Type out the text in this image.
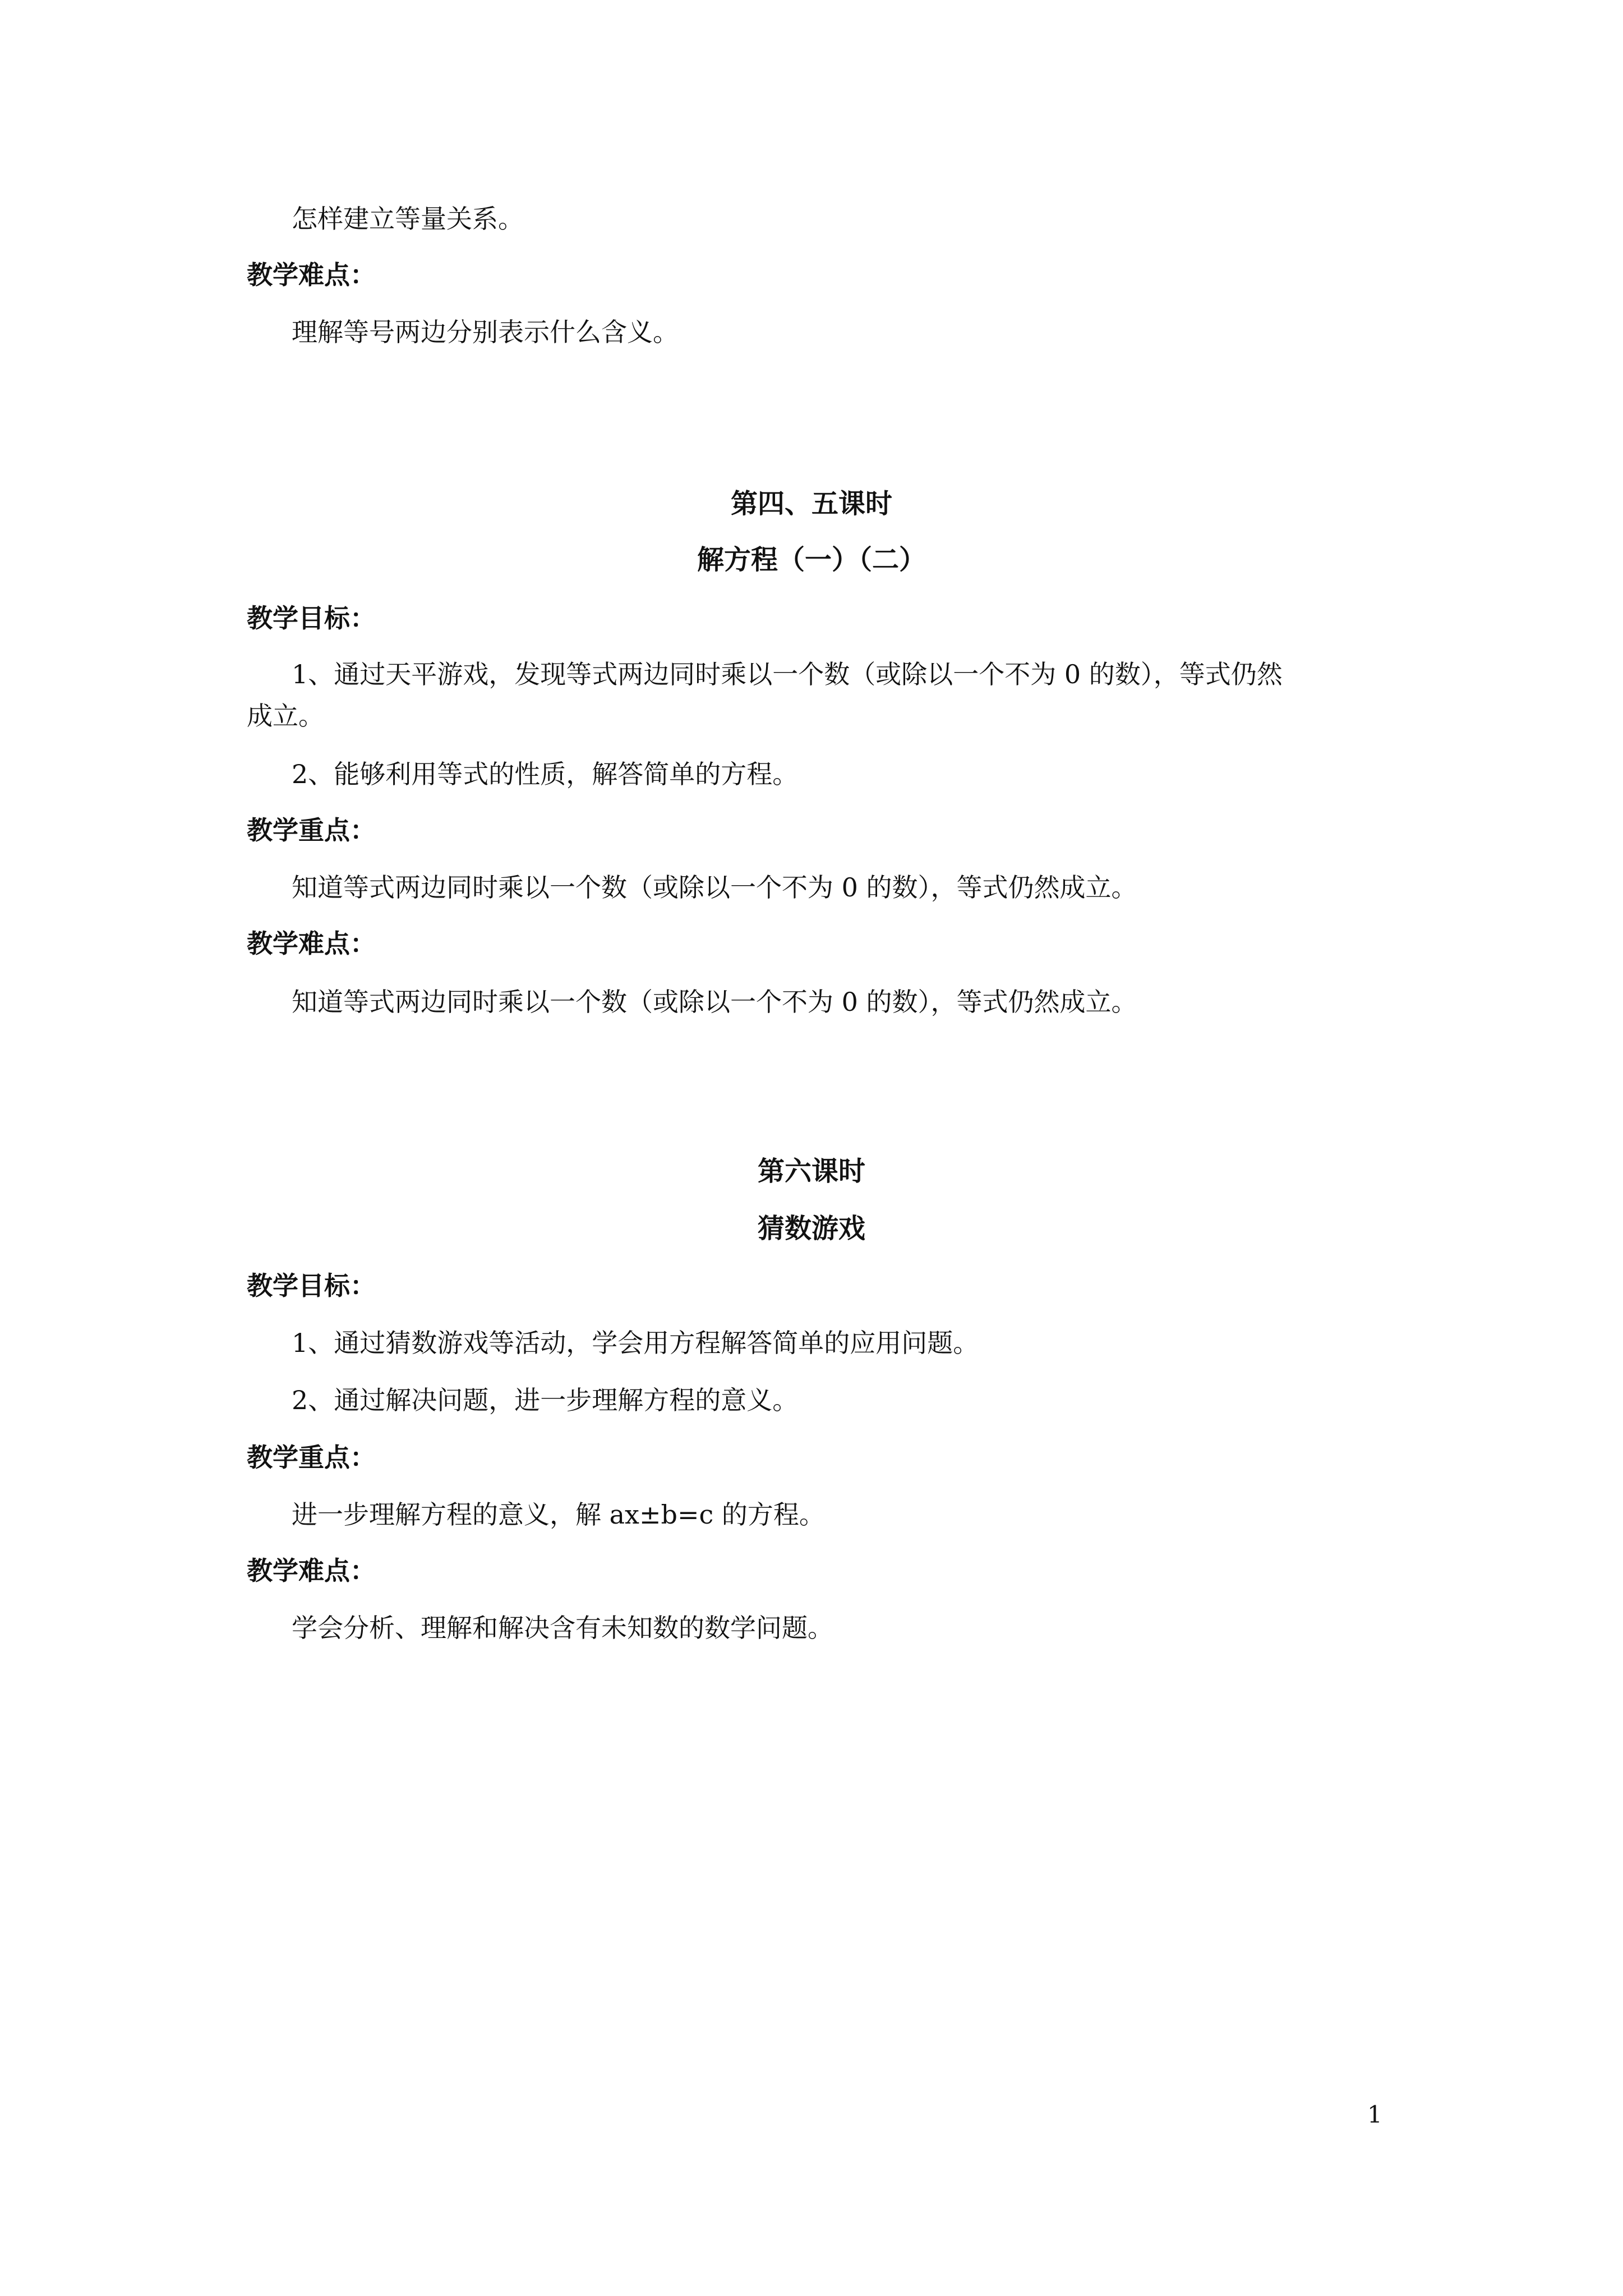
怎样建立等量关系。
教学难点：
理解等号两边分别表示什么含义。
第四、五课时
解方程（一）（二）
教学目标：
1、通过天平游戏，发现等式两边同时乘以一个数（或除以一个不为 0 的数），等式仍然
成立。
2、能够利用等式的性质，解答简单的方程。
教学重点：
知道等式两边同时乘以一个数（或除以一个不为 0 的数），等式仍然成立。
教学难点：
知道等式两边同时乘以一个数（或除以一个不为 0 的数），等式仍然成立。
第六课时
猜数游戏
教学目标：
1、通过猜数游戏等活动，学会用方程解答简单的应用问题。
2、通过解决问题，进一步理解方程的意义。
教学重点：
进一步理解方程的意义，解 ax±b=c 的方程。
教学难点：
学会分析、理解和解决含有未知数的数学问题。
1
